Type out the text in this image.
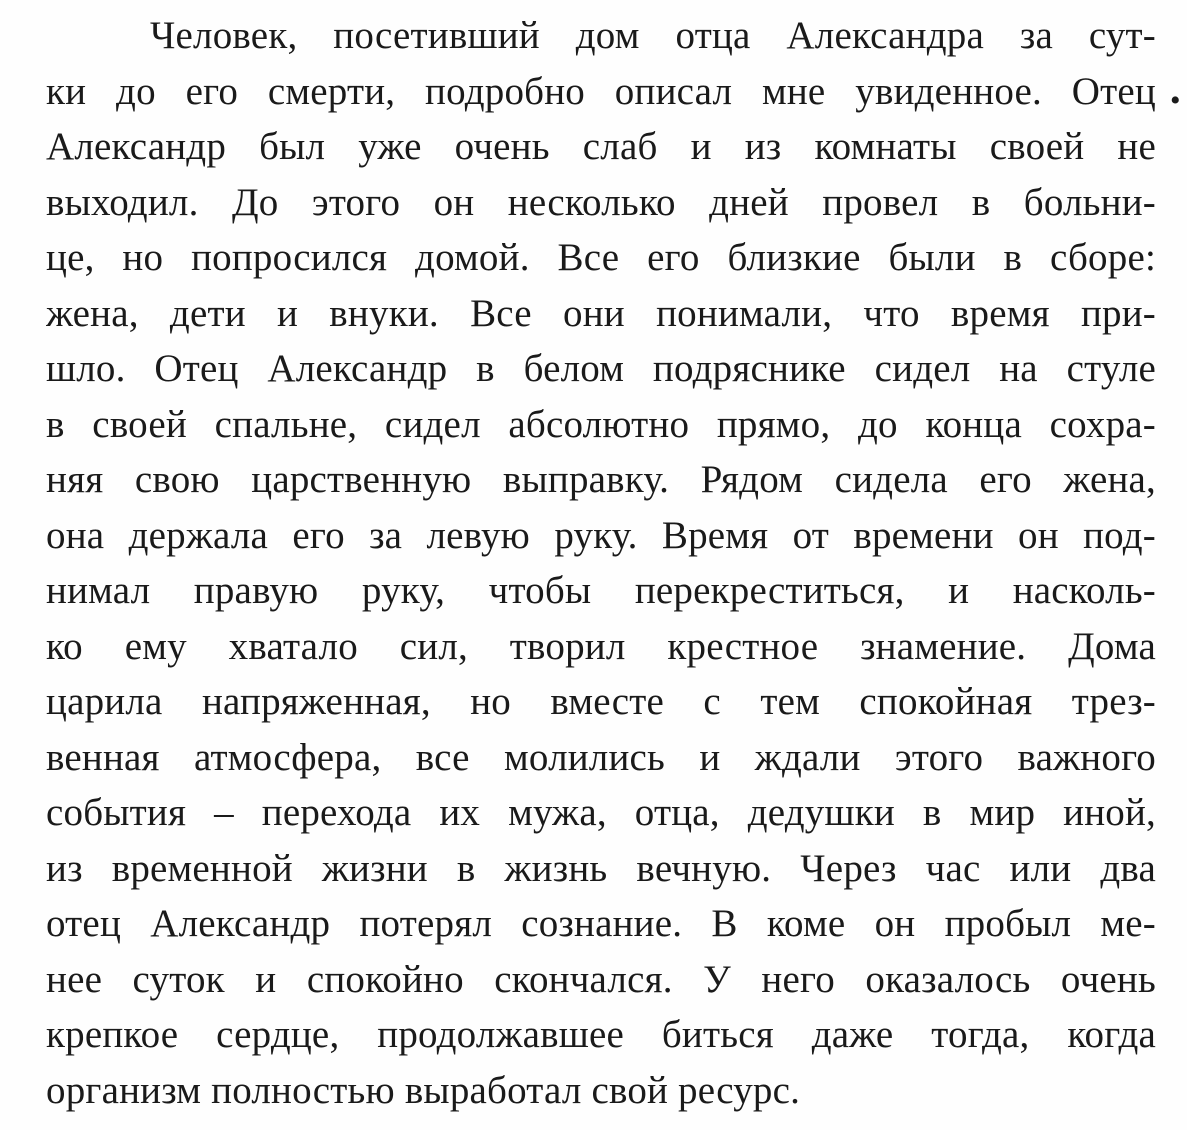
Человек, посетивший дом отца Александра за сут-
ки до его смерти, подробно описал мне увиденное. Отец
Александр был уже очень слаб и из комнаты своей не
выходил. До этого он несколько дней провел в больни-
це, но попросился домой. Все его близкие были в сборе:
жена, дети и внуки. Все они понимали, что время при-
шло. Отец Александр в белом подряснике сидел на стуле
в своей спальне, сидел абсолютно прямо, до конца сохра-
няя свою царственную выправку. Рядом сидела его жена,
она держала его за левую руку. Время от времени он под-
нимал правую руку, чтобы перекреститься, и насколь-
ко ему хватало сил, творил крестное знамение. Дома
царила напряженная, но вместе с тем спокойная трез-
венная атмосфера, все молились и ждали этого важного
события – перехода их мужа, отца, дедушки в мир иной,
из временной жизни в жизнь вечную. Через час или два
отец Александр потерял сознание. В коме он пробыл ме-
нее суток и спокойно скончался. У него оказалось очень
крепкое сердце, продолжавшее биться даже тогда, когда
организм полностью выработал свой ресурс.
•
